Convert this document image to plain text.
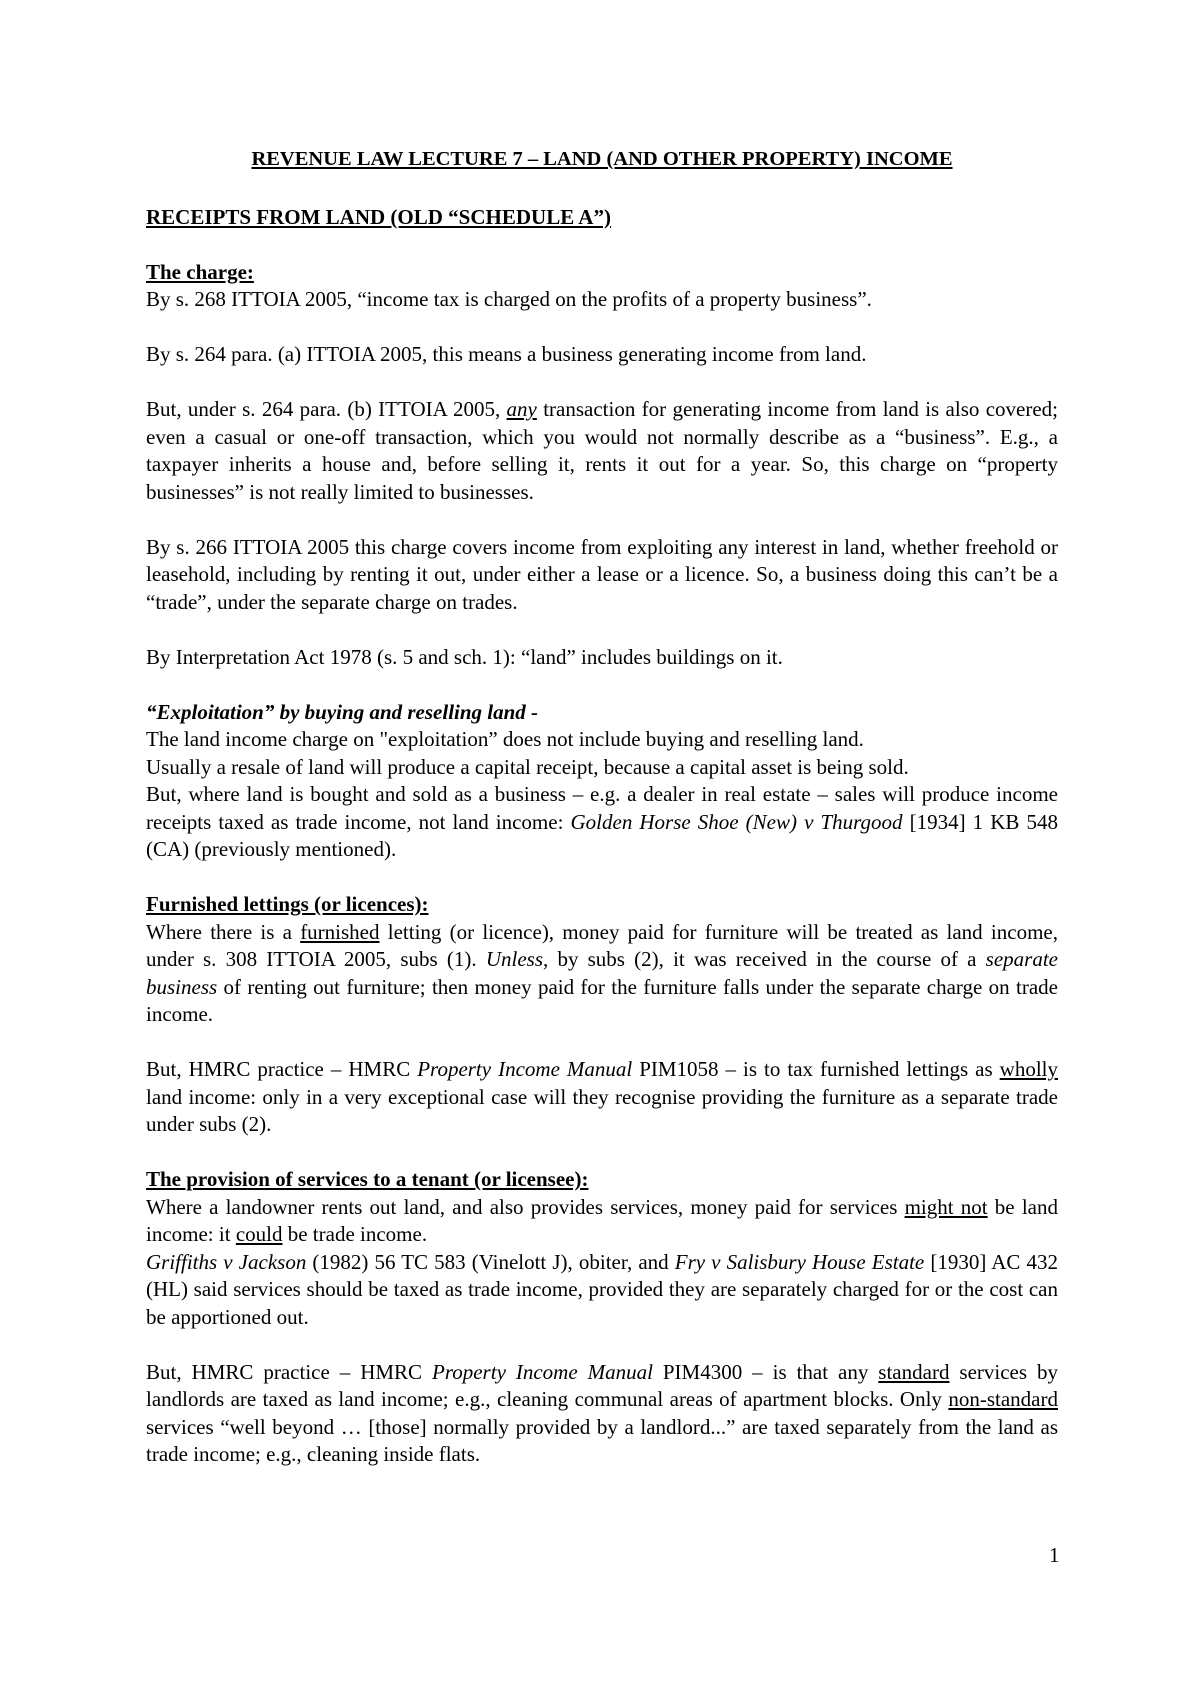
REVENUE LAW LECTURE 7 – LAND (AND OTHER PROPERTY) INCOME

RECEIPTS FROM LAND (OLD “SCHEDULE A”)

The charge:

By s. 268 ITTOIA 2005, “income tax is charged on the profits of a property business”.

By s. 264 para. (a) ITTOIA 2005, this means a business generating income from land.

But, under s. 264 para. (b) ITTOIA 2005, any transaction for generating income from land is also covered; even a casual or one-off transaction, which you would not normally describe as a “business”. E.g., a taxpayer inherits a house and, before selling it, rents it out for a year. So, this charge on “property businesses” is not really limited to businesses.

By s. 266 ITTOIA 2005 this charge covers income from exploiting any interest in land, whether freehold or leasehold, including by renting it out, under either a lease or a licence. So, a business doing this can’t be a “trade”, under the separate charge on trades.

By Interpretation Act 1978 (s. 5 and sch. 1): “land” includes buildings on it.

“Exploitation” by buying and reselling land -

The land income charge on "exploitation” does not include buying and reselling land.

Usually a resale of land will produce a capital receipt, because a capital asset is being sold.

But, where land is bought and sold as a business – e.g. a dealer in real estate – sales will produce income receipts taxed as trade income, not land income: Golden Horse Shoe (New) v Thurgood [1934] 1 KB 548 (CA) (previously mentioned).

Furnished lettings (or licences):

Where there is a furnished letting (or licence), money paid for furniture will be treated as land income, under s. 308 ITTOIA 2005, subs (1). Unless, by subs (2), it was received in the course of a separate business of renting out furniture; then money paid for the furniture falls under the separate charge on trade income.

But, HMRC practice – HMRC Property Income Manual PIM1058 – is to tax furnished lettings as wholly land income: only in a very exceptional case will they recognise providing the furniture as a separate trade under subs (2).

The provision of services to a tenant (or licensee):

Where a landowner rents out land, and also provides services, money paid for services might not be land income: it could be trade income.

Griffiths v Jackson (1982) 56 TC 583 (Vinelott J), obiter, and Fry v Salisbury House Estate [1930] AC 432 (HL) said services should be taxed as trade income, provided they are separately charged for or the cost can be apportioned out.

But, HMRC practice – HMRC Property Income Manual PIM4300 – is that any standard services by landlords are taxed as land income; e.g., cleaning communal areas of apartment blocks. Only non-standard services “well beyond … [those] normally provided by a landlord...” are taxed separately from the land as trade income; e.g., cleaning inside flats.

1
